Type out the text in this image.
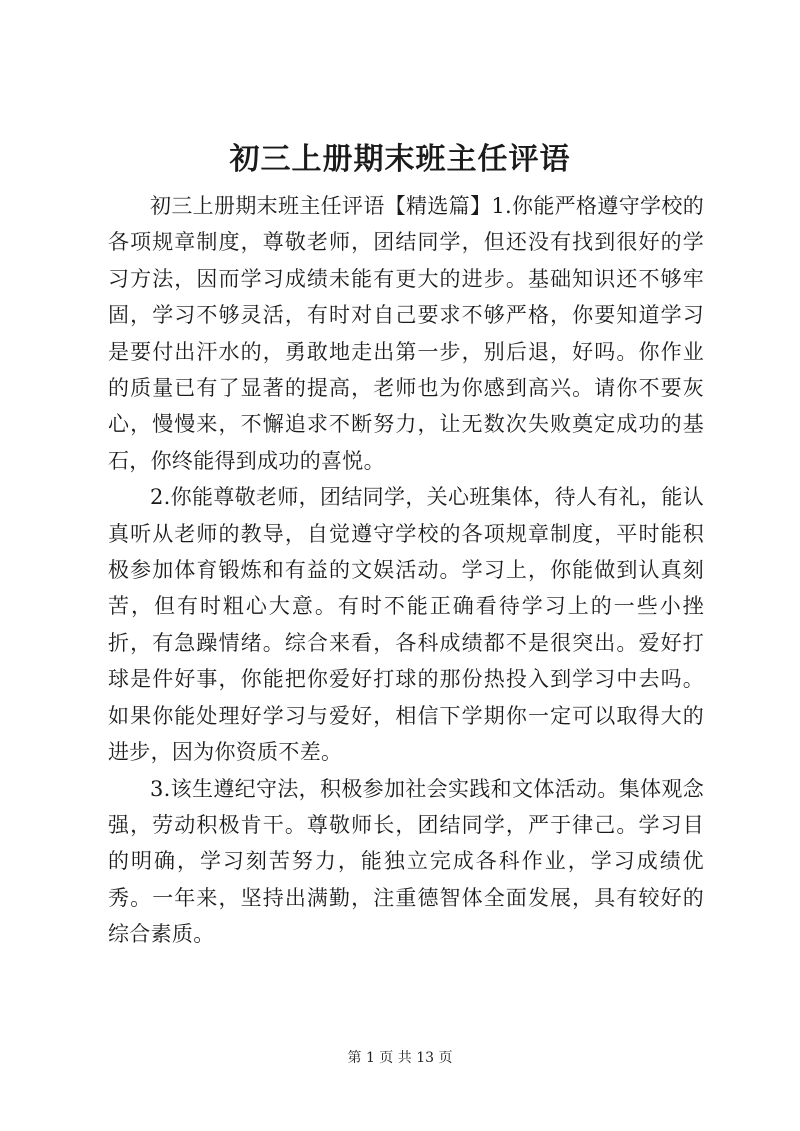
初三上册期末班主任评语

初三上册期末班主任评语【精选篇】1.你能严格遵守学校的各项规章制度，尊敬老师，团结同学，但还没有找到很好的学习方法，因而学习成绩未能有更大的进步。基础知识还不够牢固，学习不够灵活，有时对自己要求不够严格，你要知道学习是要付出汗水的，勇敢地走出第一步，别后退，好吗。你作业的质量已有了显著的提高，老师也为你感到高兴。请你不要灰心，慢慢来，不懈追求不断努力，让无数次失败奠定成功的基石，你终能得到成功的喜悦。

2.你能尊敬老师，团结同学，关心班集体，待人有礼，能认真听从老师的教导，自觉遵守学校的各项规章制度，平时能积极参加体育锻炼和有益的文娱活动。学习上，你能做到认真刻苦，但有时粗心大意。有时不能正确看待学习上的一些小挫折，有急躁情绪。综合来看，各科成绩都不是很突出。爱好打球是件好事，你能把你爱好打球的那份热投入到学习中去吗。如果你能处理好学习与爱好，相信下学期你一定可以取得大的进步，因为你资质不差。

3.该生遵纪守法，积极参加社会实践和文体活动。集体观念强，劳动积极肯干。尊敬师长，团结同学，严于律己。学习目的明确，学习刻苦努力，能独立完成各科作业，学习成绩优秀。一年来，坚持出满勤，注重德智体全面发展，具有较好的综合素质。

第 1 页 共 13 页
